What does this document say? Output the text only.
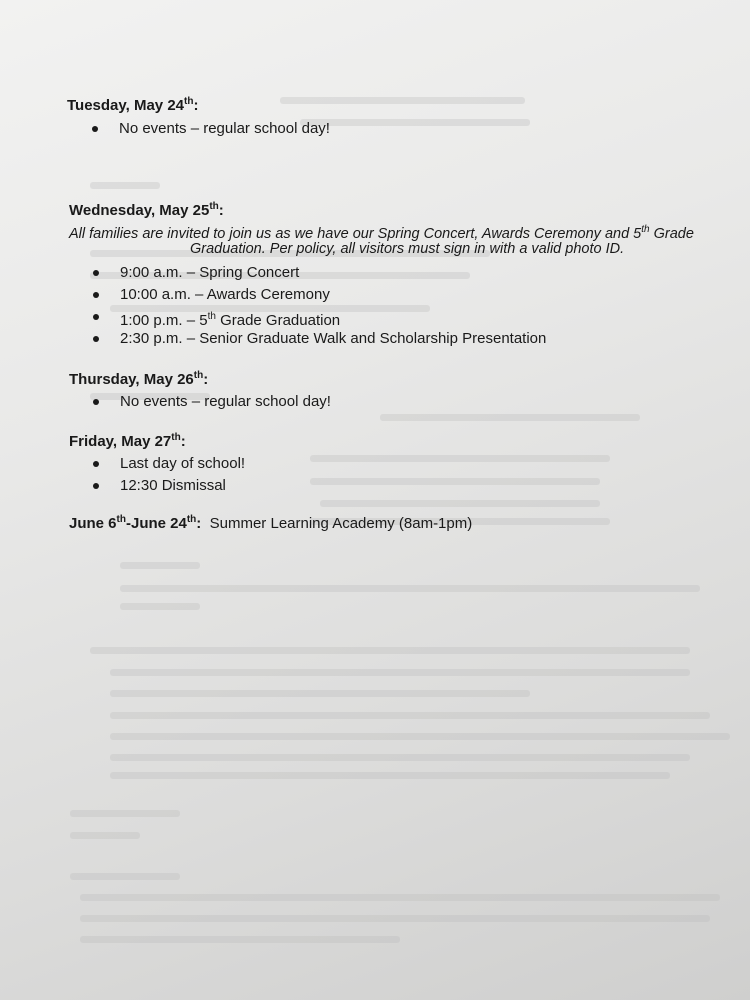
Tuesday, May 24th:
No events – regular school day!
Wednesday, May 25th:

All families are invited to join us as we have our Spring Concert, Awards Ceremony and 5th Grade

Graduation. Per policy, all visitors must sign in with a valid photo ID.

9:00 a.m. – Spring Concert
10:00 a.m. – Awards Ceremony
1:00 p.m. – 5th Grade Graduation
2:30 p.m. – Senior Graduate Walk and Scholarship Presentation
Thursday, May 26th:
No events – regular school day!
Friday, May 27th:
Last day of school!
12:30 Dismissal
June 6th-June 24th:  Summer Learning Academy (8am-1pm)
